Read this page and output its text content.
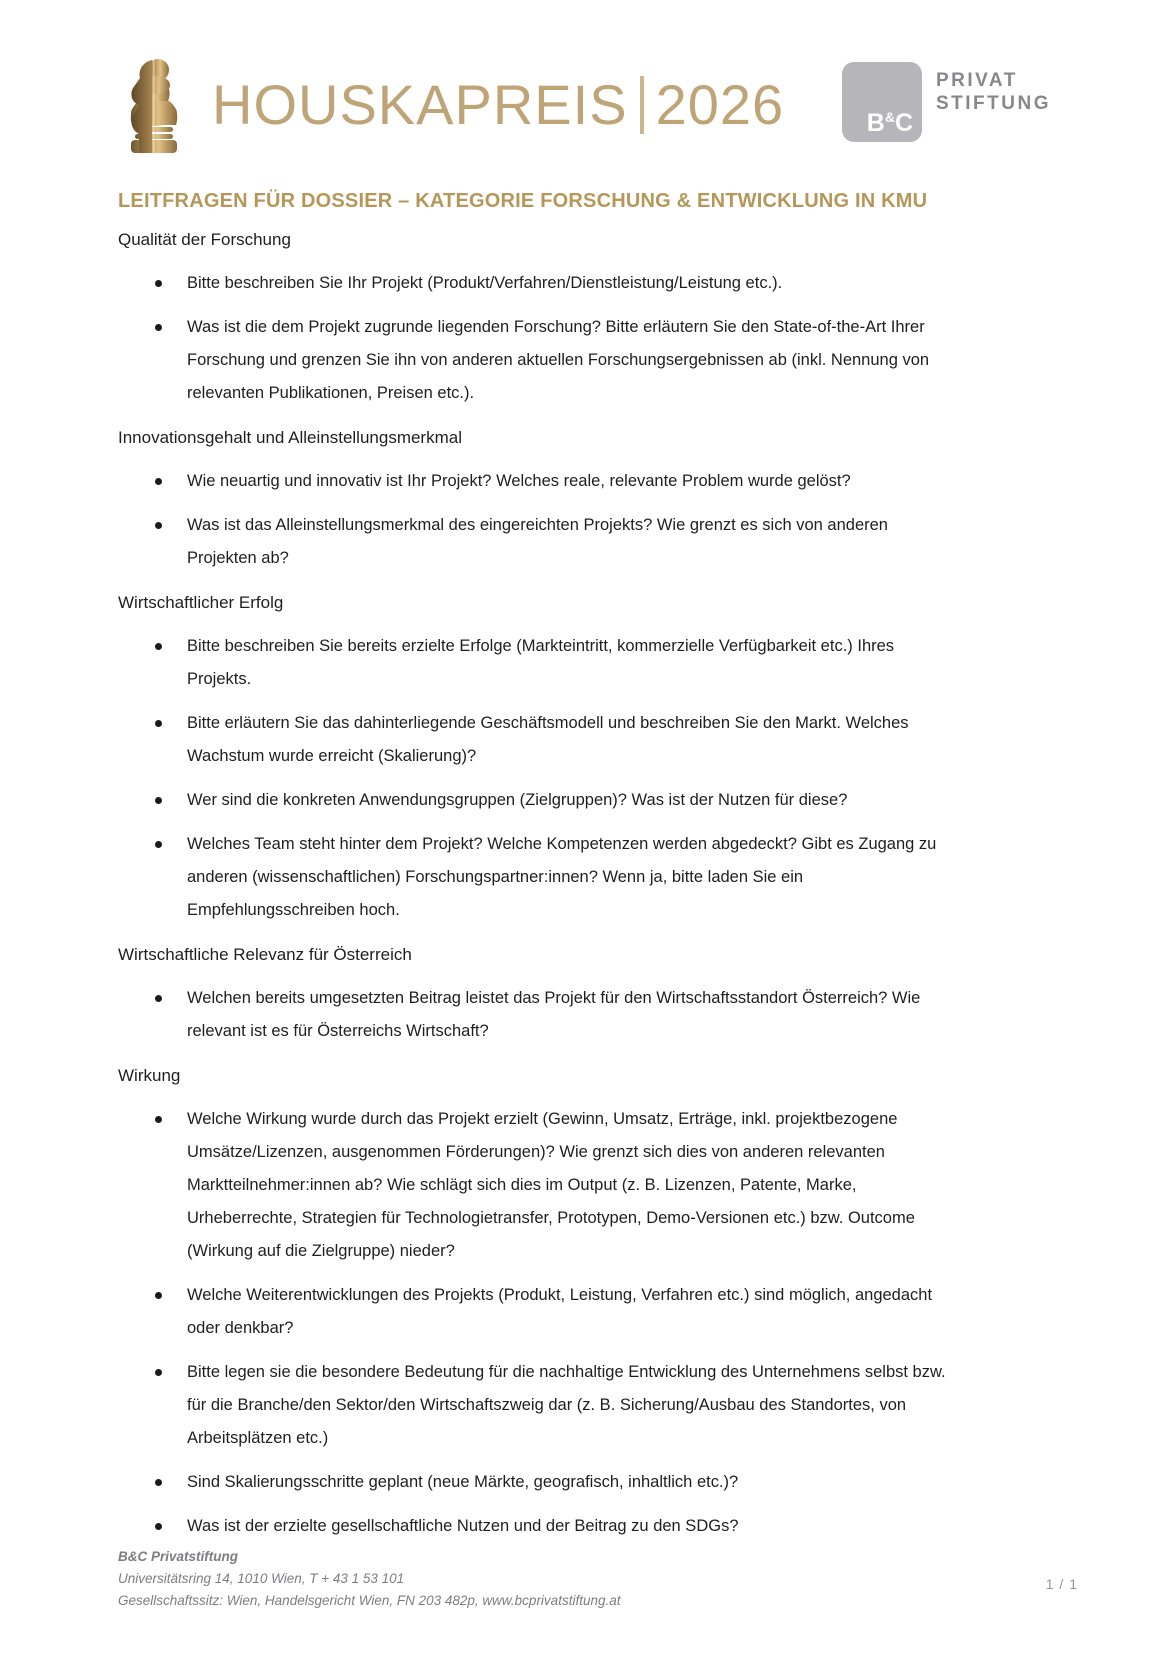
HOUSKAPREIS 2026	B&C
PRIVAT
STIFTUNG
LEITFRAGEN FÜR DOSSIER – KATEGORIE FORSCHUNG & ENTWICKLUNG IN KMU
Qualität der Forschung

Bitte beschreiben Sie Ihr Projekt (Produkt/Verfahren/Dienstleistung/Leistung etc.).

Was ist die dem Projekt zugrunde liegenden Forschung? Bitte erläutern Sie den State-of-the-Art Ihrer Forschung und grenzen Sie ihn von anderen aktuellen Forschungsergebnissen ab (inkl. Nennung von relevanten Publikationen, Preisen etc.).

Innovationsgehalt und Alleinstellungsmerkmal

Wie neuartig und innovativ ist Ihr Projekt? Welches reale, relevante Problem wurde gelöst?

Was ist das Alleinstellungsmerkmal des eingereichten Projekts? Wie grenzt es sich von anderen Projekten ab?

Wirtschaftlicher Erfolg

Bitte beschreiben Sie bereits erzielte Erfolge (Markteintritt, kommerzielle Verfügbarkeit etc.) Ihres Projekts.

Bitte erläutern Sie das dahinterliegende Geschäftsmodell und beschreiben Sie den Markt. Welches Wachstum wurde erreicht (Skalierung)?

Wer sind die konkreten Anwendungsgruppen (Zielgruppen)? Was ist der Nutzen für diese?

Welches Team steht hinter dem Projekt? Welche Kompetenzen werden abgedeckt? Gibt es Zugang zu anderen (wissenschaftlichen) Forschungspartner:innen? Wenn ja, bitte laden Sie ein Empfehlungsschreiben hoch.

Wirtschaftliche Relevanz für Österreich

Welchen bereits umgesetzten Beitrag leistet das Projekt für den Wirtschaftsstandort Österreich? Wie relevant ist es für Österreichs Wirtschaft?

Wirkung

Welche Wirkung wurde durch das Projekt erzielt (Gewinn, Umsatz, Erträge, inkl. projektbezogene Umsätze/Lizenzen, ausgenommen Förderungen)? Wie grenzt sich dies von anderen relevanten Marktteilnehmer:innen ab? Wie schlägt sich dies im Output (z. B. Lizenzen, Patente, Marke, Urheberrechte, Strategien für Technologietransfer, Prototypen, Demo-Versionen etc.) bzw. Outcome (Wirkung auf die Zielgruppe) nieder?

Welche Weiterentwicklungen des Projekts (Produkt, Leistung, Verfahren etc.) sind möglich, angedacht oder denkbar?

Bitte legen sie die besondere Bedeutung für die nachhaltige Entwicklung des Unternehmens selbst bzw. für die Branche/den Sektor/den Wirtschaftszweig dar (z. B. Sicherung/Ausbau des Standortes, von Arbeitsplätzen etc.)

Sind Skalierungsschritte geplant (neue Märkte, geografisch, inhaltlich etc.)?

Was ist der erzielte gesellschaftliche Nutzen und der Beitrag zu den SDGs?

B&C Privatstiftung
Universitätsring 14, 1010 Wien, T + 43 1 53 101
Gesellschaftssitz: Wien, Handelsgericht Wien, FN 203 482p, www.bcprivatstiftung.at
1 / 1
